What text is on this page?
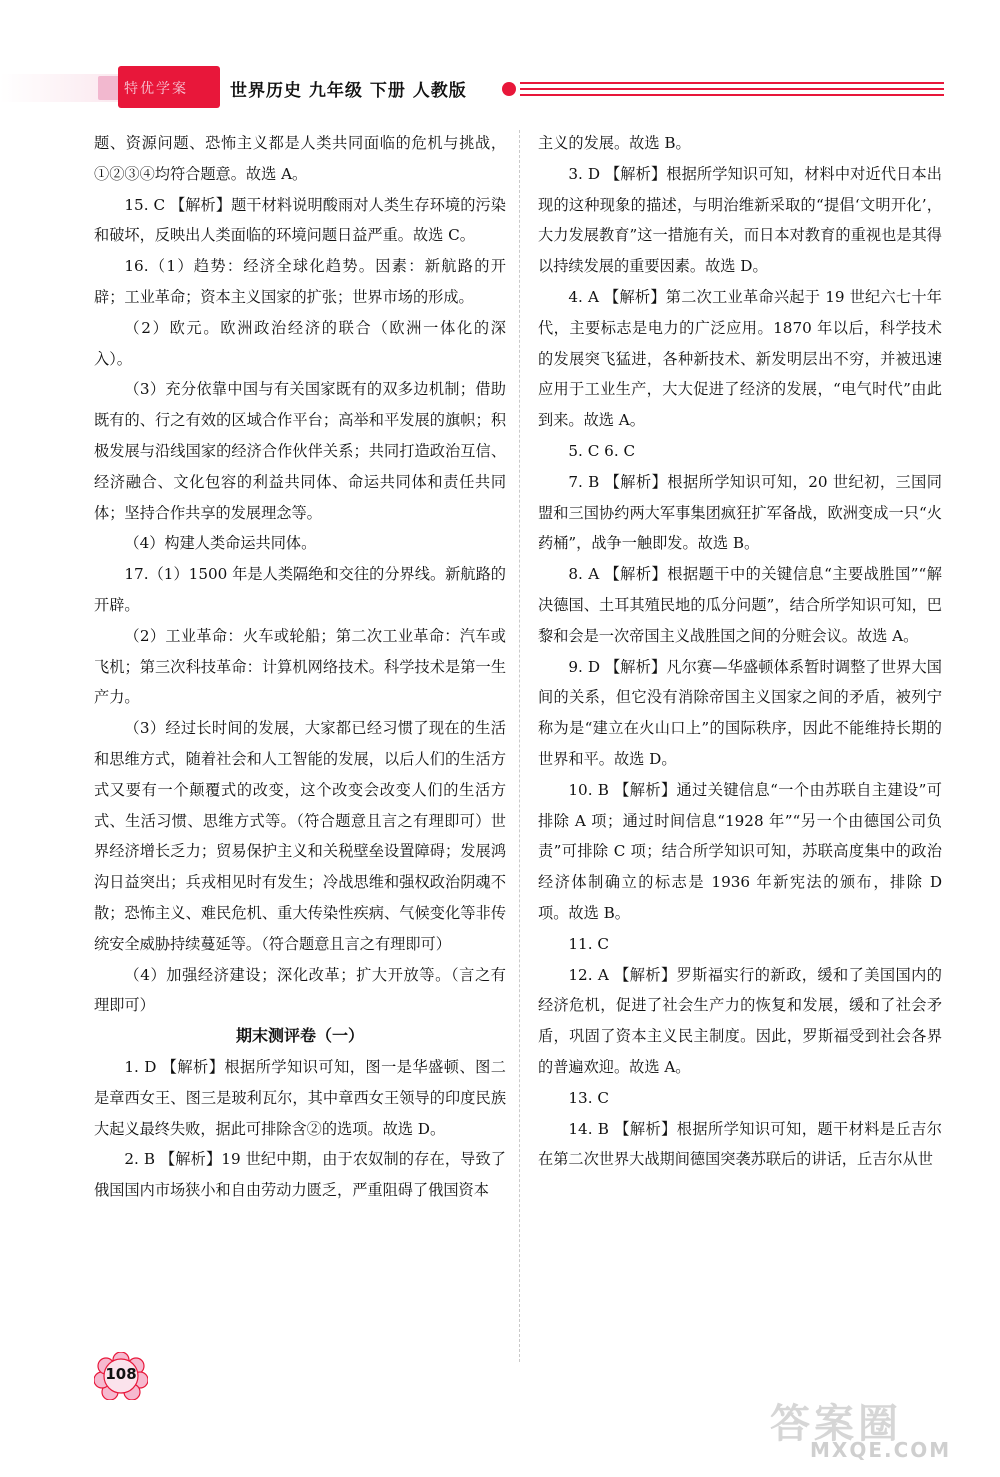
特优学案	世界历史 九年级 下册 人教版

题、资源问题、恐怖主义都是人类共同面临的危机与挑战，①②③④均符合题意。故选 A。

15. C 【解析】题干材料说明酸雨对人类生存环境的污染和破坏，反映出人类面临的环境问题日益严重。故选 C。

16.（1）趋势：经济全球化趋势。因素：新航路的开辟；工业革命；资本主义国家的扩张；世界市场的形成。

（2）欧元。欧洲政治经济的联合（欧洲一体化的深入）。

（3）充分依靠中国与有关国家既有的双多边机制；借助既有的、行之有效的区域合作平台；高举和平发展的旗帜；积极发展与沿线国家的经济合作伙伴关系；共同打造政治互信、经济融合、文化包容的利益共同体、命运共同体和责任共同体；坚持合作共享的发展理念等。

（4）构建人类命运共同体。

17.（1）1500 年是人类隔绝和交往的分界线。新航路的开辟。

（2）工业革命：火车或轮船；第二次工业革命：汽车或飞机；第三次科技革命：计算机网络技术。科学技术是第一生产力。

（3）经过长时间的发展，大家都已经习惯了现在的生活和思维方式，随着社会和人工智能的发展，以后人们的生活方式又要有一个颠覆式的改变，这个改变会改变人们的生活方式、生活习惯、思维方式等。（符合题意且言之有理即可）世界经济增长乏力；贸易保护主义和关税壁垒设置障碍；发展鸿沟日益突出；兵戎相见时有发生；冷战思维和强权政治阴魂不散；恐怖主义、难民危机、重大传染性疾病、气候变化等非传统安全威胁持续蔓延等。（符合题意且言之有理即可）

（4）加强经济建设；深化改革；扩大开放等。（言之有理即可）

期末测评卷（一）

1. D 【解析】根据所学知识可知，图一是华盛顿、图二是章西女王、图三是玻利瓦尔，其中章西女王领导的印度民族大起义最终失败，据此可排除含②的选项。故选 D。

2. B 【解析】19 世纪中期，由于农奴制的存在，导致了俄国国内市场狭小和自由劳动力匮乏，严重阻碍了俄国资本

主义的发展。故选 B。

3. D 【解析】根据所学知识可知，材料中对近代日本出现的这种现象的描述，与明治维新采取的“提倡‘文明开化’，大力发展教育”这一措施有关，而日本对教育的重视也是其得以持续发展的重要因素。故选 D。

4. A 【解析】第二次工业革命兴起于 19 世纪六七十年代，主要标志是电力的广泛应用。1870 年以后，科学技术的发展突飞猛进，各种新技术、新发明层出不穷，并被迅速应用于工业生产，大大促进了经济的发展，“电气时代”由此到来。故选 A。

5. C 6. C

7. B 【解析】根据所学知识可知，20 世纪初，三国同盟和三国协约两大军事集团疯狂扩军备战，欧洲变成一只“火药桶”，战争一触即发。故选 B。

8. A 【解析】根据题干中的关键信息“主要战胜国”“解决德国、土耳其殖民地的瓜分问题”，结合所学知识可知，巴黎和会是一次帝国主义战胜国之间的分赃会议。故选 A。

9. D 【解析】凡尔赛—华盛顿体系暂时调整了世界大国间的关系，但它没有消除帝国主义国家之间的矛盾，被列宁称为是“建立在火山口上”的国际秩序，因此不能维持长期的世界和平。故选 D。

10. B 【解析】通过关键信息“一个由苏联自主建设”可排除 A 项；通过时间信息“1928 年”“另一个由德国公司负责”可排除 C 项；结合所学知识可知，苏联高度集中的政治经济体制确立的标志是 1936 年新宪法的颁布，排除 D 项。故选 B。

11. C

12. A 【解析】罗斯福实行的新政，缓和了美国国内的经济危机，促进了社会生产力的恢复和发展，缓和了社会矛盾，巩固了资本主义民主制度。因此，罗斯福受到社会各界的普遍欢迎。故选 A。

13. C

14. B 【解析】根据所学知识可知，题干材料是丘吉尔在第二次世界大战期间德国突袭苏联后的讲话，丘吉尔从世

108
答案圈
MXQE.COM
